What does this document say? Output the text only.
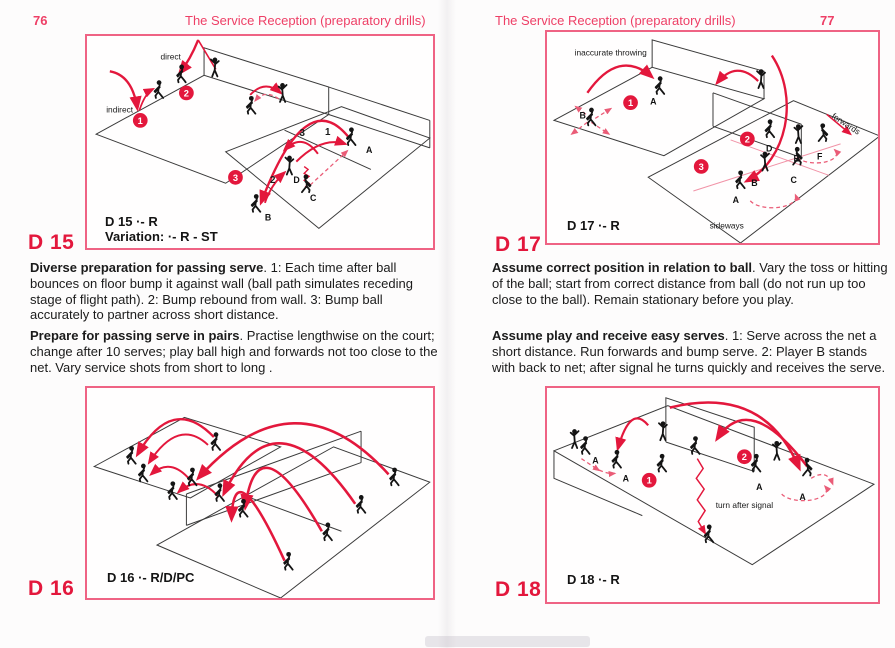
76	The Service Reception (preparatory drills)
direct
indirect
1
2
3
1
2
3
A
B
C
D
D 15 ·- R
Variation: ·- R - ST
D 15

Diverse preparation for passing serve. 1: Each time after ball bounces on floor bump it against wall (ball path simulates receding stage of flight path). 2: Bump rebound from wall. 3: Bump ball accurately to partner across short distance.

Prepare for passing serve in pairs. Practise lengthwise on the court; change after 10 serves; play ball high and forwards not too close to the net. Vary service shots from short to long .

D 16 ·- R/D/PC
D 16
The Service Reception (preparatory drills)	77
inaccurate throwing
sideways
forwards
1
2
3
A
B
D
E F
A
B	C
D 17 ·- R
D 17

Assume correct position in relation to ball. Vary the toss or hitting of the ball; start from correct distance from ball (do not run up too close to the ball). Remain stationary before you play.

Assume play and receive easy serves. 1: Serve across the net a short distance. Run forwards and bump serve. 2: Player B stands with back to net; after signal he turns quickly and receives the serve.

turn after signal
1
2
A
A
A
A
D 18 ·- R
D 18
